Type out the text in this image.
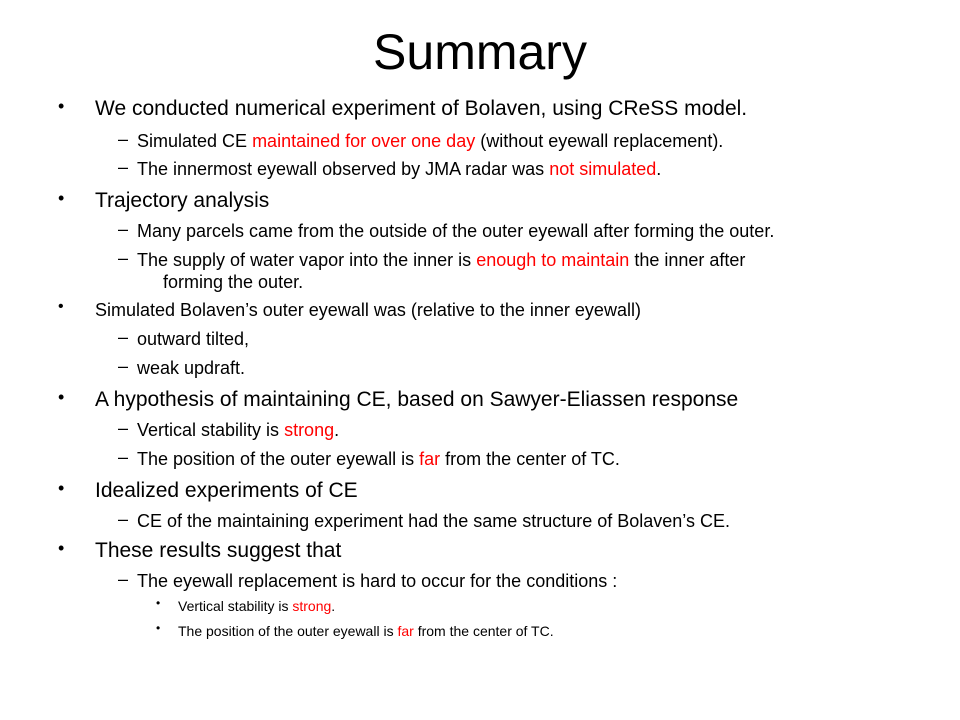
Summary
• We conducted numerical experiment of Bolaven, using CReSS model.
– Simulated CE maintained for over one day (without eyewall replacement).
– The innermost eyewall observed by JMA radar was not simulated.
• Trajectory analysis
– Many parcels came from the outside of the outer eyewall after forming the outer.
– The supply of water vapor into the inner is enough to maintain the inner after
forming the outer.
• Simulated Bolaven’s outer eyewall was (relative to the inner eyewall)
– outward tilted,
– weak updraft.
• A hypothesis of maintaining CE, based on Sawyer-Eliassen response
– Vertical stability is strong.
– The position of the outer eyewall is far from the center of TC.
• Idealized experiments of CE
– CE of the maintaining experiment had the same structure of Bolaven’s CE.
• These results suggest that
– The eyewall replacement is hard to occur for the conditions :
• Vertical stability is strong.
• The position of the outer eyewall is far from the center of TC.
